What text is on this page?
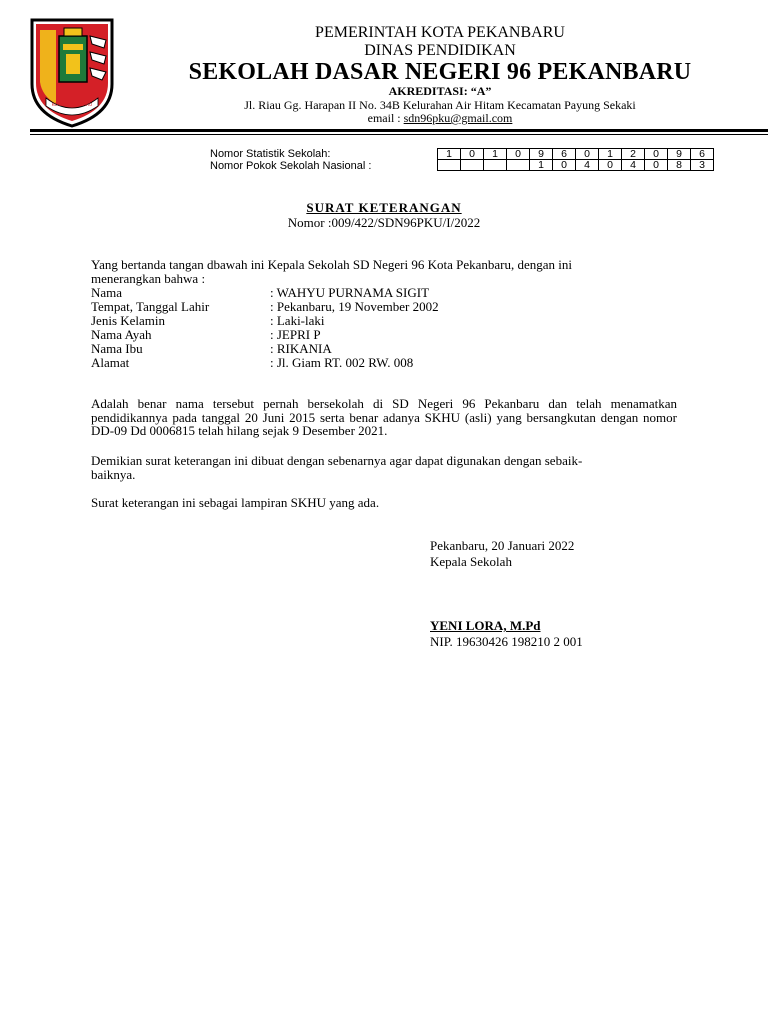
KOTA PEKANBARU
PEMERINTAH KOTA PEKANBARU
DINAS PENDIDIKAN
SEKOLAH DASAR NEGERI 96 PEKANBARU
AKREDITASI: “A”
Jl. Riau Gg. Harapan II No. 34B Kelurahan Air Hitam Kecamatan Payung Sekaki
email : sdn96pku@gmail.com
Nomor Statistik Sekolah:
Nomor Pokok Sekolah Nasional :
1	0	1	0	9	6	0	1	2	0	9	6
				1	0	4	0	4	0	8	3
SURAT KETERANGAN
Nomor :009/422/SDN96PKU/I/2022
Yang bertanda tangan dbawah ini Kepala Sekolah SD Negeri 96 Kota Pekanbaru, dengan ini
menerangkan bahwa :
Nama	: WAHYU PURNAMA SIGIT
Tempat, Tanggal Lahir	: Pekanbaru, 19 November 2002
Jenis Kelamin	: Laki-laki
Nama Ayah	: JEPRI P
Nama Ibu	: RIKANIA
Alamat	: Jl. Giam RT. 002 RW. 008
Adalah benar nama tersebut pernah bersekolah di SD Negeri 96 Pekanbaru dan telah menamatkan pendidikannya pada tanggal 20 Juni 2015 serta benar adanya SKHU (asli) yang bersangkutan dengan nomor DD-09 Dd 0006815 telah hilang sejak 9 Desember 2021.
Demikian surat keterangan ini dibuat dengan sebenarnya agar dapat digunakan dengan sebaik-
baiknya.
Surat keterangan ini sebagai lampiran SKHU yang ada.
Pekanbaru, 20 Januari 2022
Kepala Sekolah
YENI LORA, M.Pd
NIP. 19630426 198210 2 001
